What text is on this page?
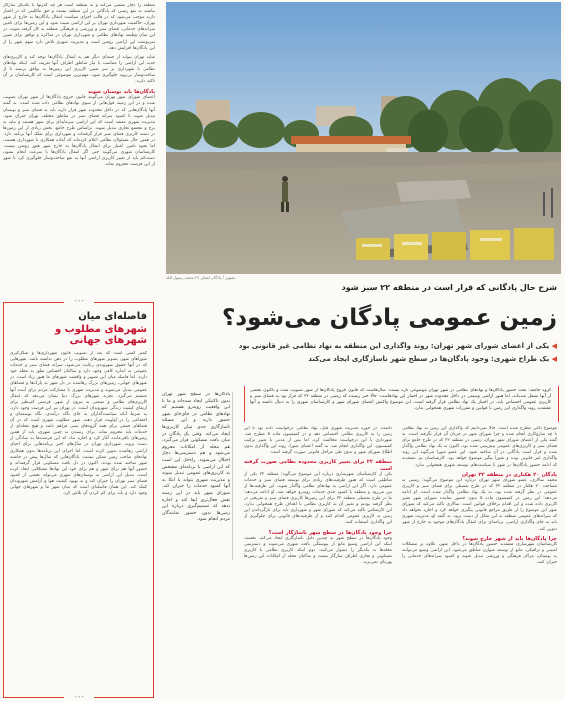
منطقه را دچار تشتتی می‌کند و نه منطقه است هر چه گذرنها با یکدیگر سازگار نباشند به نفع زمینی که پادگانی در این منطقه نیست و حق مالکیتی که در اختیار دارند موجب می‌شود که در قالب اجرای سیاست انتقال پادگان‌ها به خارج از شهر تهران، حاکمیت شهرداری تهران بر این اراضی تثبیت شود و این زمین‌ها برای تامین سرانه‌های خدماتی، فضای سبز و ورزشی و فرهنگی منطقه به کار گرفته شوند. در این میان وظیفه نهادهای نظامی و شهرداری تهران در مذاکره و توافق برای تعیین سرنوشت این اراضی روشن است و مدیریت شهری تلاش دارد سهم شهر را از این پادگان‌ها افزایش دهد.

شاید تهران بتواند از جنبه‌ای دیگر هم به انتقال پادگان‌ها توجه کند و کاربری‌های جدید این اراضی را متناسب با نیاز مناطق اطراف آنها تعریف کند. اینکه نهادهای نظامی با شهرداری بر سر تعیین کاربری این زمین‌ها به توافق برسند تا از ساخت‌وساز بی‌رویه جلوگیری شود، مهم‌ترین موضوعی است که کارشناسان بر آن تاکید دارند.

پادگان‌ها باید بوستان شوند

اعضای شورای شهر تهران می‌گویند قانون خروج پادگان‌ها از شهر تهران تصویب شده و در این زمینه قول‌هایی از سوی نهادهای نظامی داده شده است. به گفته آنها پادگان‌هایی که در داخل محدوده شهر قرار دارند باید به فضای سبز و بوستان تبدیل شوند تا کمبود سرانه فضای سبز در مناطق مختلف تهران جبران شود. مدیریت شهری معتقد است که این اراضی سرمایه‌ای برای شهر هستند و نباید به برج و مجتمع تجاری تبدیل شوند. براساس طرح جامع، بخش زیادی از این زمین‌ها در دسته کاربری فضای سبز قرار گرفته‌اند و شهرداری برای تملک آنها برنامه دارد. در همین حال مسئولان نظامی اعلام کرده‌اند که آماده همکاری با شهرداری هستند، اما نحوه تامین اعتبار برای انتقال پادگان‌ها به خارج شهر هنوز روشن نیست. کارشناسان شهری می‌گویند حتی اگر انتقال پادگان‌ها با سرعت انجام نشود، دست‌کم باید از تغییر کاربری اراضی آنها به نفع ساخت‌وساز جلوگیری کرد تا شهر از این فرصت محروم نماند.

تصویر / پادگان لشکر ۲۷ محمد رسول الله
شرح حال پادگانی که قرار است در منطقه ۲۲ سبز شود
•••
فاصله‌ای میان
شهرهای مطلوب و شهرهای جهانی
کمتر کسی است که بعد از تصویب قانون شهرداری‌ها و شکل‌گیری شوراهای شهر، تصویر شهرهای مطلوب را در ذهن نداشته باشد. شهرهایی که در آنها حقوق شهروندی رعایت می‌شود، سرانه فضای سبز و خدمات عمومی به اندازه کافی وجود دارد و ساکنان احساس تعلق به محله خود دارند. اما فاصله میان این تصویر و واقعیت شهرهای ما هنوز زیاد است. در شهرهای جهانی، زمین‌های بزرگ رهاشده در دل شهر به پارک‌ها و فضاهای عمومی تبدیل می‌شوند و مدیریت شهری با مشارکت مردم برای آینده آنها تصمیم می‌گیرد. تجربه شهرهای بزرگ دنیا نشان می‌دهد که انتقال کاربری‌های نظامی و صنعتی به بیرون از شهر، فرصتی کم‌نظیر برای ارتقای کیفیت زندگی شهروندان است. در تهران نیز این فرصت وجود دارد، به شرط آنکه سیاست‌گذاران به جای نگاه درآمدی، نگاه توسعه‌ای و اجتماعی را در اولویت قرار دهند. شهر مطلوب شهری است که در آن فضاهای جمعی برای همه گروه‌های سنی فراهم باشد و هیچ محله‌ای از خدمات پایه محروم نماند. برای رسیدن به چنین شهری، باید از همین زمین‌های باقی‌مانده آغاز کرد و اجازه نداد که این فرصت‌ها به سادگی از دست بروند. شهرداری تهران در سال‌های اخیر برنامه‌هایی برای احیای اراضی رهاشده تدوین کرده است، اما اجرای این برنامه‌ها بدون همکاری نهادهای صاحب زمین ممکن نیست. پادگان‌هایی که سال‌ها پیش در حاشیه شهر ساخته شده بودند، اکنون در دل بافت مسکونی قرار گرفته‌اند و حضور آنها هم برای شهر و هم برای خود این نهادها مشکلاتی ایجاد کرده است. تبدیل این اراضی به بوستان‌های شهری می‌تواند بخشی از کمبود فضای سبز تهران را جبران کند و به بهبود کیفیت هوا و آرامش شهروندان کمک کند. این همان فاصله‌ای است که میان شهر ما و شهرهای جهانی وجود دارد و باید برای کم کردن آن تلاش کرد.
•••
زمین عمومی پادگان می‌شود؟
◀ یکی از اعضای شورای شهر تهران: روند واگذاری این منطقه به نهاد نظامی غیر قانونی بود
◀ یک طراح شهری: وجود پادگان‌ها در سطح شهر ناسازگاری ایجاد می‌کند
گروه جامعه: بحث حضور پادگان‌ها و نهادهای نظامی در شهر تهران موضوعی تازه نیست. سال‌هاست که قانون خروج پادگان‌ها از شهر تصویب شده و تاکنون بخشی از آنها منتقل شده‌اند، اما هنوز اراضی وسیعی در داخل محدوده شهر در اختیار این نهادهاست. حالا خبر رسیده که زمینی در منطقه ۲۲ که قرار بود به فضای سبز و کاربری عمومی اختصاص یابد، در اختیار یک نهاد نظامی قرار گرفته است. این موضوع واکنش اعضای شورای شهر و کارشناسان شهری را به دنبال داشته و آنها معتقدند روند واگذاری این زمین با قوانین و مقررات شهری همخوانی ندارد.
پادگان‌ها در سطح شهر تهران بدون تاکتیکی ایجاد شده‌اند و ما با این واقعیت روبه‌رو هستیم که نهادهای نظامی در جای‌جای شهر حضور دارند و این مسئله ناسازگاری جدی میان کاربری‌ها ایجاد می‌کند. وقتی یک پادگان در میان بافت مسکونی قرار می‌گیرد، هم محله از امکانات محروم می‌شود و هم دسترسی‌ها دچار اختلال می‌شوند. راه‌حل این است که این اراضی با برنامه‌ای مشخص به کاربری‌های عمومی تبدیل شوند و مدیریت شهری بتواند با اتکا به آنها کمبود خدمات را جبران کند. شورای شهر باید در این زمینه نقش فعال‌تری ایفا کند و اجازه ندهد که تصمیم‌گیری درباره این زمین‌ها بدون حضور نمایندگان مردم انجام شود.

داشت. در حوزه مدیریت شهری قبل، نهاد نظامی درخواست داده بود تا این زمین را به کاربری نظامی اختصاص دهد و در کمیسیون ماده ۵ مطرح شد. شهرداری با این درخواست مخالفت کرد، اما پس از مدتی با تغییر ترکیب کمیسیون، این واگذاری انجام شد. به گفته اعضای شورا، روند این واگذاری بدون اطلاع شورای شهر و بدون طی مراحل قانونی صورت گرفته است.

منطقه ۲۲ برای تغییر کاربری محدوده نظامی صورت گرفته است

یکی از کارشناسان شهرسازی درباره این موضوع می‌گوید: منطقه ۲۲ یکی از مناطقی است که هنوز ظرفیت‌های زیادی برای توسعه فضای سبز و خدمات عمومی دارد. اگر این اراضی به نهادهای نظامی واگذار شوند، این ظرفیت‌ها از بین می‌رود و منطقه با کمبود جدی خدمات روبه‌رو خواهد شد. او ادامه می‌دهد: ما در طرح تفصیلی منطقه ۲۲ برای این زمین‌ها کاربری فضای سبز و تفریحی در نظر گرفته بودیم و تغییر آن به کاربری نظامی با اهداف طرح همخوانی ندارد. این کارشناس تاکید می‌کند که شورای شهر و شهرداری باید برای بازگرداندن این زمین به کاربری عمومی اقدام کنند و از ظرفیت‌های قانونی برای جلوگیری از این واگذاری استفاده کنند.

چرا وجود پادگان‌ها در سطح شهر ناسازگار است؟

وجود پادگان‌ها در سطح شهر به چندین دلیل ناسازگاری ایجاد می‌کند. نخست اینکه این اراضی وسیع مانع از پیوستگی بافت شهری می‌شوند و دسترسی محله‌ها به یکدیگر را دشوار می‌کنند. دوم اینکه کاربری نظامی با کاربری مسکونی و تجاری اطراف سازگار نیست و ساکنان محله از امکانات این زمین‌ها بهره‌ای نمی‌برند.

موضوع داغی مطرح شده است. حالا نمی‌دانیم که واگذاری این زمین به نهاد نظامی با چه سازوکاری انجام شده و چرا شورای شهر در جریان آن قرار نگرفته است. به گفته یکی از اعضای شورای شهر تهران، زمینی در منطقه ۲۲ که در طرح جامع برای فضای سبز و کاربری‌های عمومی پیش‌بینی شده بود، اکنون به یک نهاد نظامی واگذار شده و قرار است پادگانی در آن ساخته شود. این عضو شورا می‌گوید این روند واگذاری غیر قانونی بوده و شورا پیگیر موضوع خواهد بود. کارشناسان نیز معتقدند که ادامه حضور پادگان‌ها در شهر با سیاست‌های توسعه شهری همخوانی ندارد.

پادگان ۲۰ هکتاری در منطقه ۲۲ تهران

محمد سالاری، عضو شورای شهر تهران درباره این موضوع می‌گوید: زمینی به مساحت ۲۰ هکتار در منطقه ۲۲ که در طرح تفصیلی برای فضای سبز و کاربری عمومی در نظر گرفته شده بود، به یک نهاد نظامی واگذار شده است. او ادامه می‌دهد: این زمین در کمیسیون ماده ۵ بدون حضور نماینده شورای شهر تغییر کاربری داده شده و این اقدام برخلاف قوانین است. سالاری تاکید می‌کند که شورای شهر این موضوع را از طریق مراجع قانونی پیگیری خواهد کرد و اجازه نخواهد داد که سرانه‌های عمومی منطقه به این شکل از دست برود. به گفته او، مدیریت شهری باید به جای واگذاری اراضی، برنامه‌ای برای انتقال پادگان‌های موجود به خارج از شهر تدوین کند.

چرا پادگان‌ها باید از شهر خارج شوند؟

کارشناسان شهرسازی معتقدند حضور پادگان‌ها در داخل شهر، علاوه بر مشکلات امنیتی و ترافیکی، مانع از توسعه متوازن مناطق می‌شود. این اراضی وسیع می‌توانند به بوستان، مراکز فرهنگی و ورزشی تبدیل شوند و کمبود سرانه‌های خدماتی را جبران کنند.
